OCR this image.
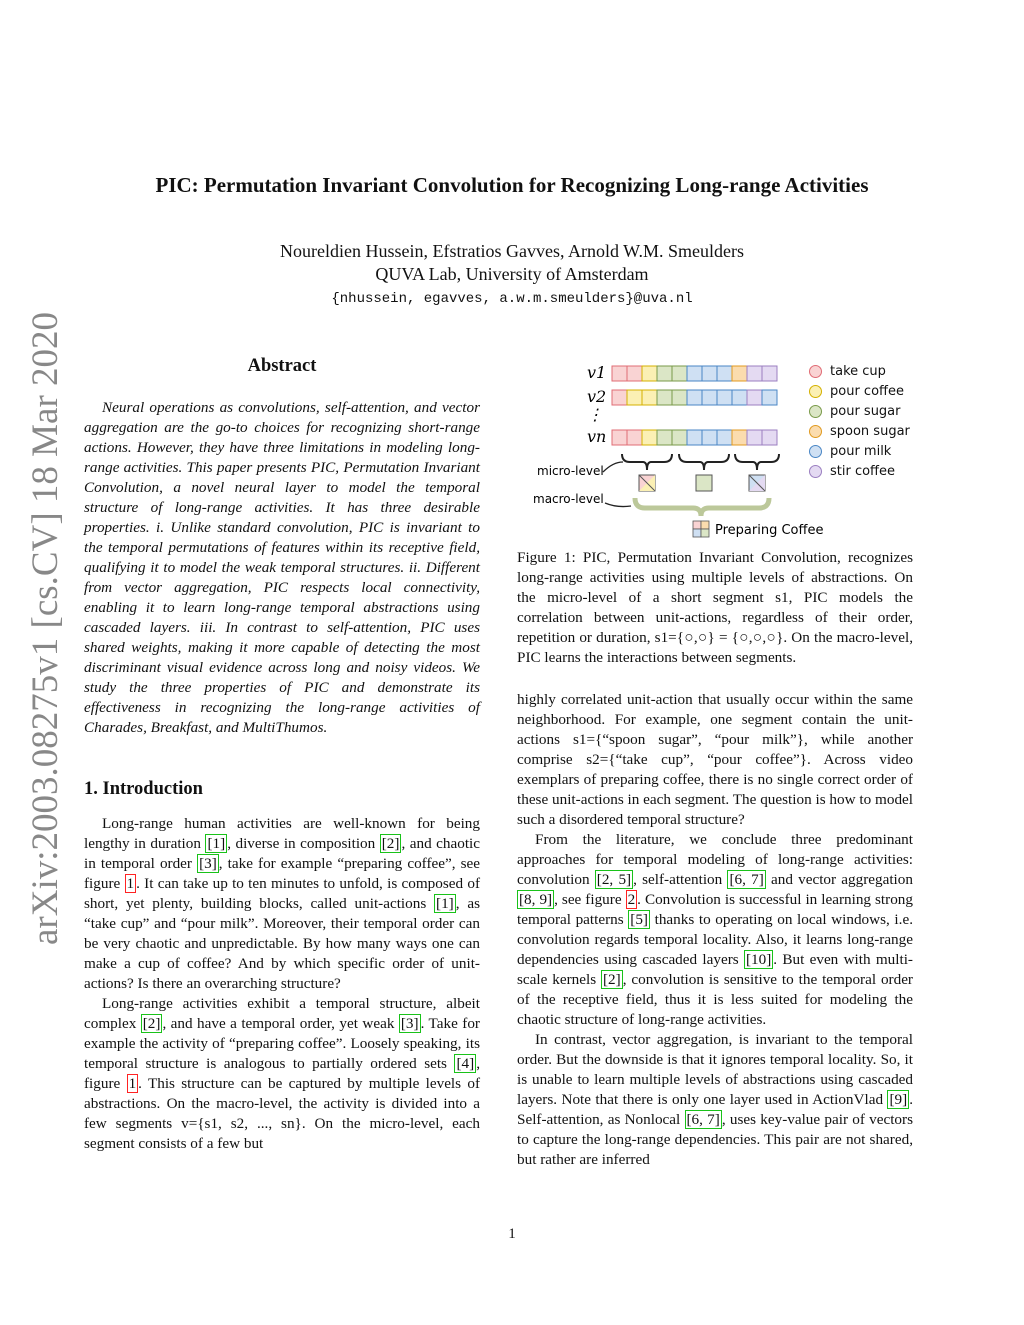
arXiv:2003.08275v1 [cs.CV] 18 Mar 2020
PIC: Permutation Invariant Convolution for Recognizing Long-range Activities
Noureldien Hussein, Efstratios Gavves, Arnold W.M. Smeulders
QUVA Lab, University of Amsterdam
{nhussein, egavves, a.w.m.smeulders}@uva.nl
Abstract

Neural operations as convolutions, self-attention, and vector aggregation are the go-to choices for recognizing short-range actions. However, they have three limitations in modeling long-range activities. This paper presents PIC, Permutation Invariant Convolution, a novel neural layer to model the temporal structure of long-range activities. It has three desirable properties. i. Unlike standard convolution, PIC is invariant to the temporal permutations of features within its receptive field, qualifying it to model the weak temporal structures. ii. Different from vector aggregation, PIC respects local connectivity, enabling it to learn long-range temporal abstractions using cascaded layers. iii. In contrast to self-attention, PIC uses shared weights, making it more capable of detecting the most discriminant visual evidence across long and noisy videos. We study the three properties of PIC and demonstrate its effectiveness in recognizing the long-range activities of Charades, Breakfast, and MultiThumos.

1. Introduction

Long-range human activities are well-known for being lengthy in duration [1] , diverse in composition [2] , and chaotic in temporal order [3] , take for example “preparing coffee”, see figure 1 . It can take up to ten minutes to unfold, is composed of short, yet plenty, building blocks, called unit-actions [1] , as “take cup” and “pour milk”. Moreover, their temporal order can be very chaotic and unpredictable. By how many ways one can make a cup of coffee? And by which specific order of unit-actions? Is there an overarching structure?

Long-range activities exhibit a temporal structure, albeit complex [2] , and have a temporal order, yet weak [3] . Take for example the activity of “preparing coffee”. Loosely speaking, its temporal structure is analogous to partially ordered sets [4] , figure 1 . This structure can be captured by multiple levels of abstractions. On the macro-level, the activity is divided into a few segments v={s1, s2, ..., sn}. On the micro-level, each segment consists of a few but

v1
v2
⋮
vn
Preparing Coffee
micro-level
macro-level
take cup
pour coffee
pour sugar
spoon sugar
pour milk
stir coffee
Figure 1: PIC, Permutation Invariant Convolution, recognizes long-range activities using multiple levels of abstractions. On the micro-level of a short segment s1, PIC models the correlation between unit-actions, regardless of their order, repetition or duration, s1={○,○} = {○,○,○}. On the macro-level, PIC learns the interactions between segments.

highly correlated unit-action that usually occur within the same neighborhood. For example, one segment contain the unit-actions s1={“spoon sugar”, “pour milk”}, while another comprise s2={“take cup”, “pour coffee”}. Across video exemplars of preparing coffee, there is no single correct order of these unit-actions in each segment. The question is how to model such a disordered temporal structure?

From the literature, we conclude three predominant approaches for temporal modeling of long-range activities: convolution [2, 5] , self-attention [6, 7] and vector aggregation [8, 9] , see figure 2 . Convolution is successful in learning strong temporal patterns [5] thanks to operating on local windows, i.e. convolution regards temporal locality. Also, it learns long-range dependencies using cascaded layers [10] . But even with multi-scale kernels [2] , convolution is sensitive to the temporal order of the receptive field, thus it is less suited for modeling the chaotic structure of long-range activities.

In contrast, vector aggregation, is invariant to the temporal order. But the downside is that it ignores temporal locality. So, it is unable to learn multiple levels of abstractions using cascaded layers. Note that there is only one layer used in ActionVlad [9] . Self-attention, as Nonlocal [6, 7] , uses key-value pair of vectors to capture the long-range dependencies. This pair are not shared, but rather are inferred

1
